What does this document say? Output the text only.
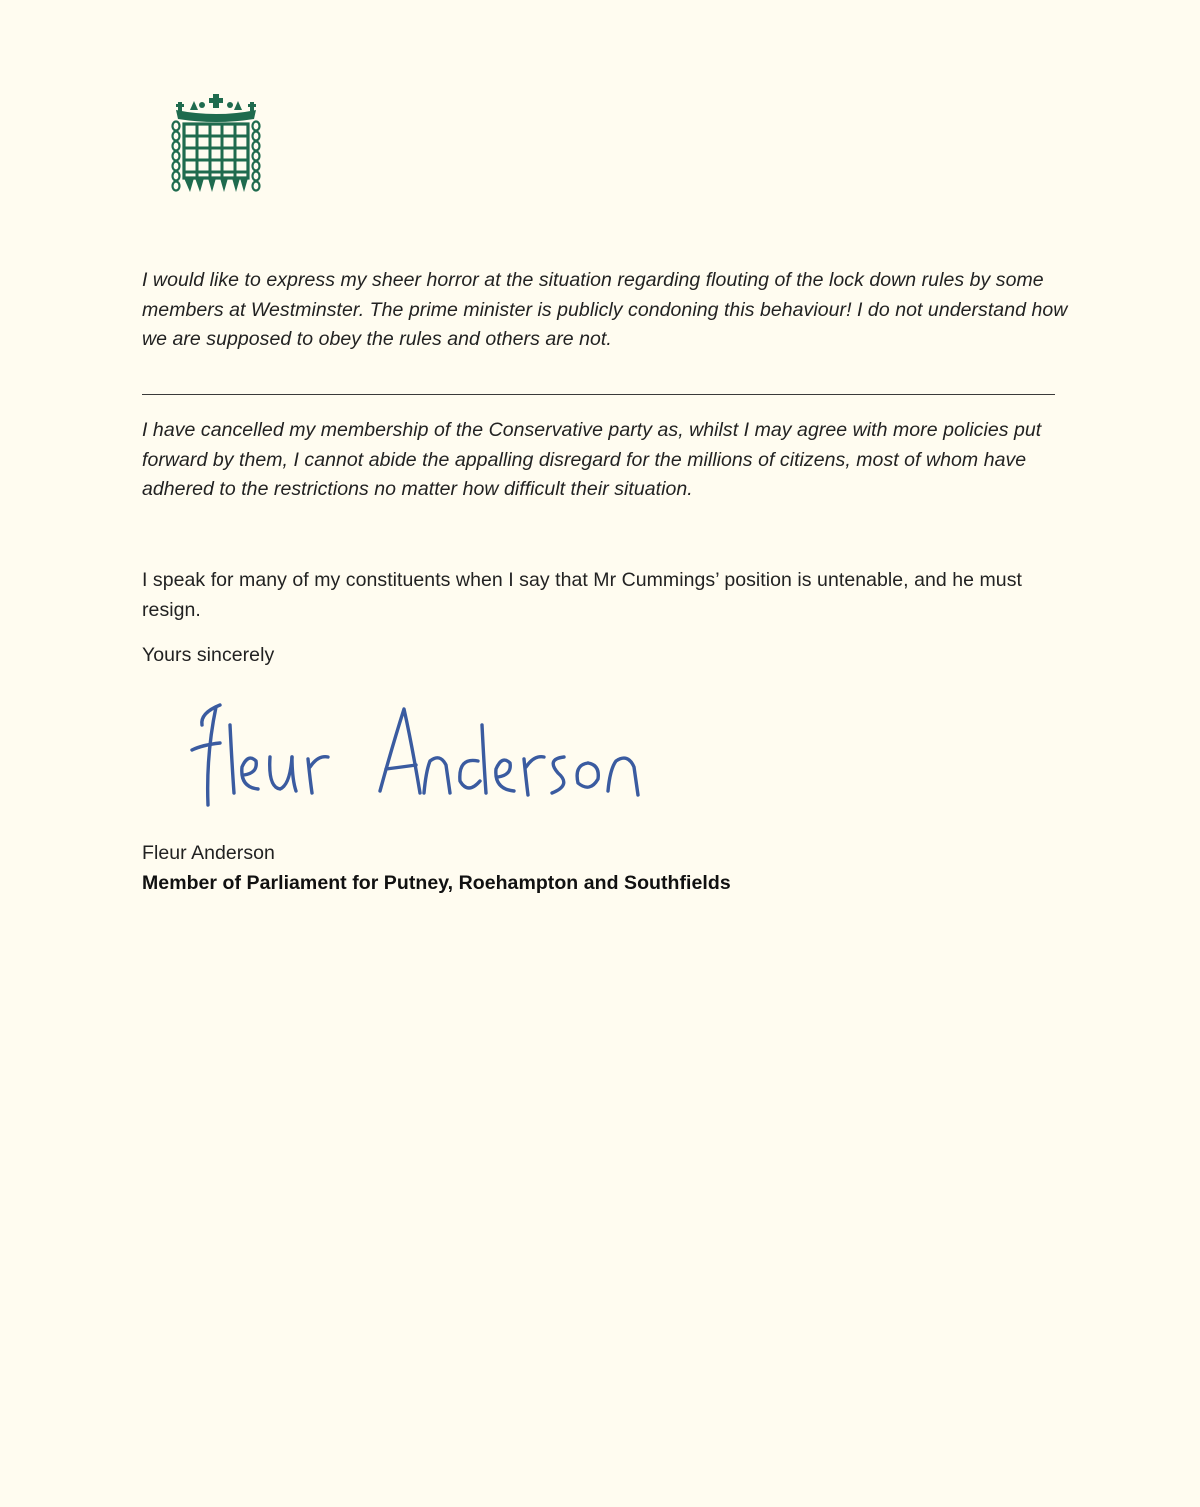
I would like to express my sheer horror at the situation regarding flouting of the lock down rules by some members at Westminster. The prime minister is publicly condoning this behaviour! I do not understand how we are supposed to obey the rules and others are not.

I have cancelled my membership of the Conservative party as, whilst I may agree with more policies put forward by them, I cannot abide the appalling disregard for the millions of citizens, most of whom have adhered to the restrictions no matter how difficult their situation.

I speak for many of my constituents when I say that Mr Cummings’ position is untenable, and he must resign.

Yours sincerely

Fleur Anderson

Member of Parliament for Putney, Roehampton and Southfields
